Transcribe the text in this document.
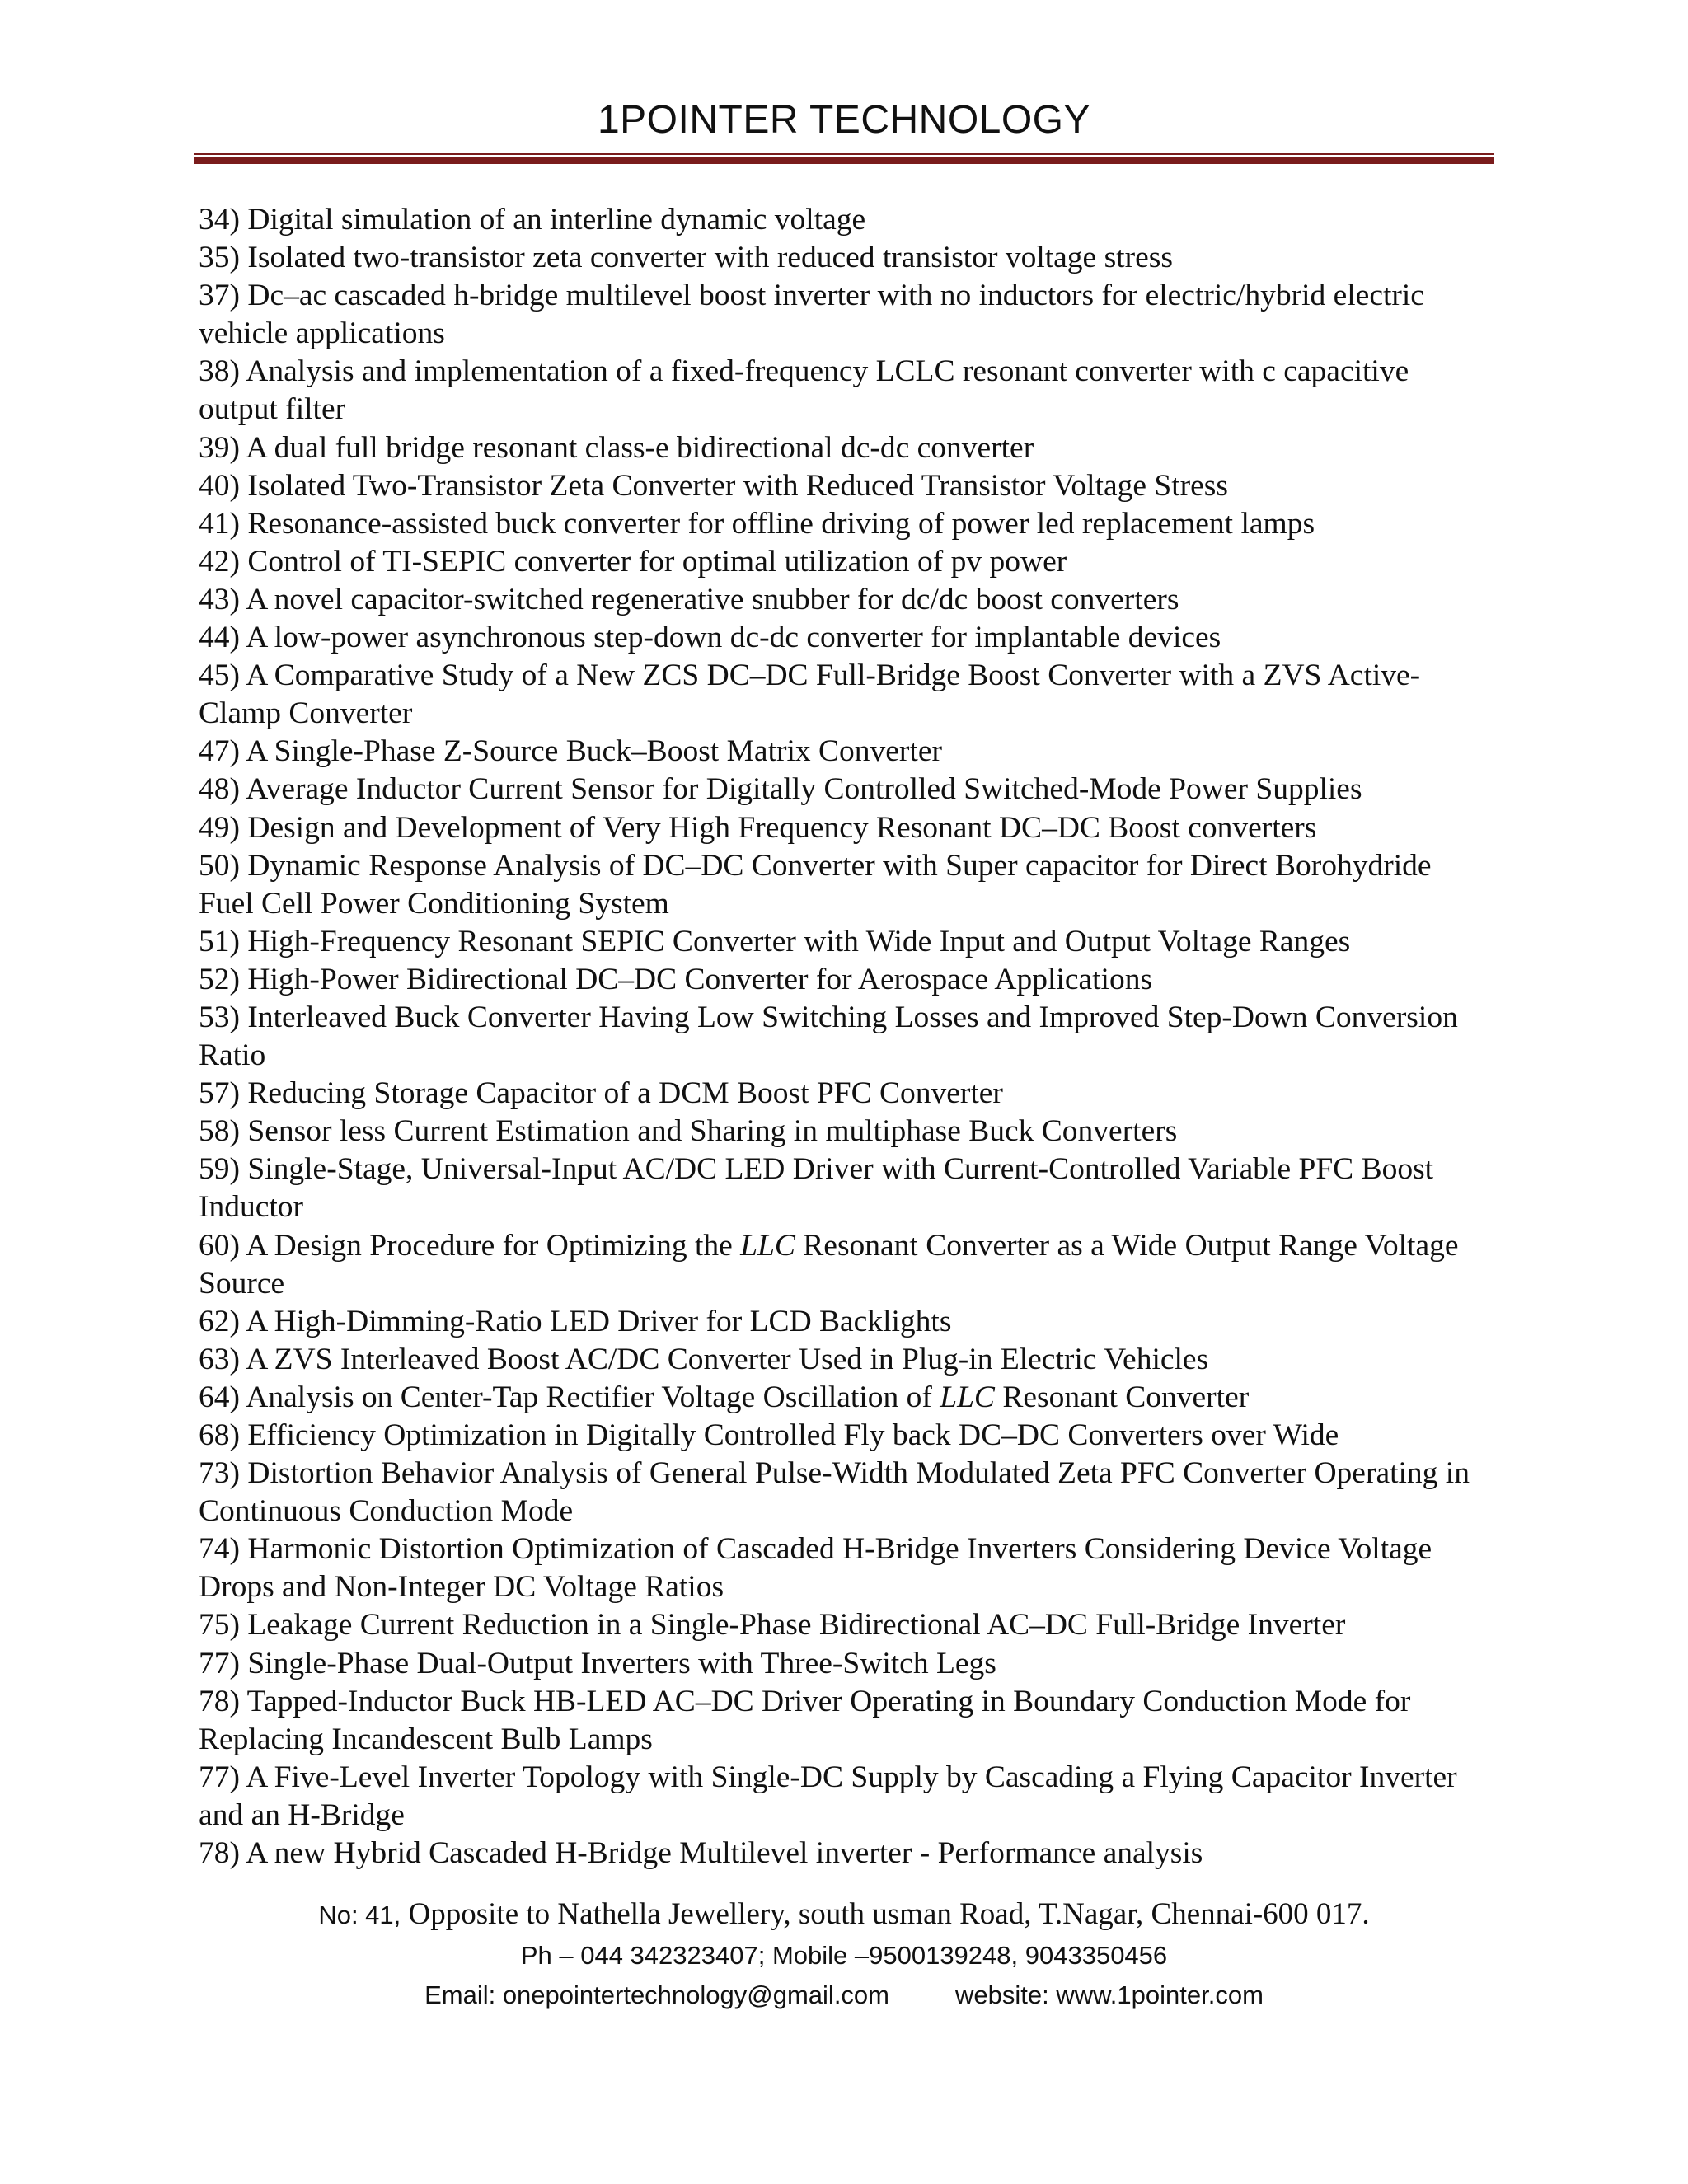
1POINTER TECHNOLOGY
34) Digital simulation of an interline dynamic voltage
35) Isolated two-transistor zeta converter with reduced transistor voltage stress
37) Dc–ac cascaded h-bridge multilevel boost inverter with no inductors for electric/hybrid electric vehicle applications
38) Analysis and implementation of a fixed-frequency LCLC resonant converter with c capacitive output filter
39) A dual full bridge resonant class-e bidirectional dc-dc converter
40) Isolated Two-Transistor Zeta Converter with Reduced Transistor Voltage Stress
41) Resonance-assisted buck converter for offline driving of power led replacement lamps
42) Control of TI-SEPIC converter for optimal utilization of pv power
43) A novel capacitor-switched regenerative snubber for dc/dc boost converters
44) A low-power asynchronous step-down dc-dc converter for implantable devices
45) A Comparative Study of a New ZCS DC–DC Full-Bridge Boost Converter with a ZVS Active-Clamp Converter
47) A Single-Phase Z-Source Buck–Boost Matrix Converter
48) Average Inductor Current Sensor for Digitally Controlled Switched-Mode Power Supplies
49) Design and Development of Very High Frequency Resonant DC–DC Boost converters
50) Dynamic Response Analysis of DC–DC Converter with Super capacitor for Direct Borohydride Fuel Cell Power Conditioning System
51) High-Frequency Resonant SEPIC Converter with Wide Input and Output Voltage Ranges
52) High-Power Bidirectional DC–DC Converter for Aerospace Applications
53) Interleaved Buck Converter Having Low Switching Losses and Improved Step-Down Conversion Ratio
57) Reducing Storage Capacitor of a DCM Boost PFC Converter
58) Sensor less Current Estimation and Sharing in multiphase Buck Converters
59) Single-Stage, Universal-Input AC/DC LED Driver with Current-Controlled Variable PFC Boost Inductor
60) A Design Procedure for Optimizing the LLC Resonant Converter as a Wide Output Range Voltage Source
62) A High-Dimming-Ratio LED Driver for LCD Backlights
63) A ZVS Interleaved Boost AC/DC Converter Used in Plug-in Electric Vehicles
64) Analysis on Center-Tap Rectifier Voltage Oscillation of LLC Resonant Converter
68) Efficiency Optimization in Digitally Controlled Fly back DC–DC Converters over Wide
73) Distortion Behavior Analysis of General Pulse-Width Modulated Zeta PFC Converter Operating in Continuous Conduction Mode
74) Harmonic Distortion Optimization of Cascaded H-Bridge Inverters Considering Device Voltage Drops and Non-Integer DC Voltage Ratios
75) Leakage Current Reduction in a Single-Phase Bidirectional AC–DC Full-Bridge Inverter
77) Single-Phase Dual-Output Inverters with Three-Switch Legs
78) Tapped-Inductor Buck HB-LED AC–DC Driver Operating in Boundary Conduction Mode for Replacing Incandescent Bulb Lamps
77) A Five-Level Inverter Topology with Single-DC Supply by Cascading a Flying Capacitor Inverter and an H-Bridge
78) A new Hybrid Cascaded H-Bridge Multilevel inverter - Performance analysis
No: 41, Opposite to Nathella Jewellery, south usman Road, T.Nagar, Chennai-600 017.
Ph – 044 342323407; Mobile –9500139248, 9043350456
Email: onepointertechnology@gmail.com	website: www.1pointer.com
